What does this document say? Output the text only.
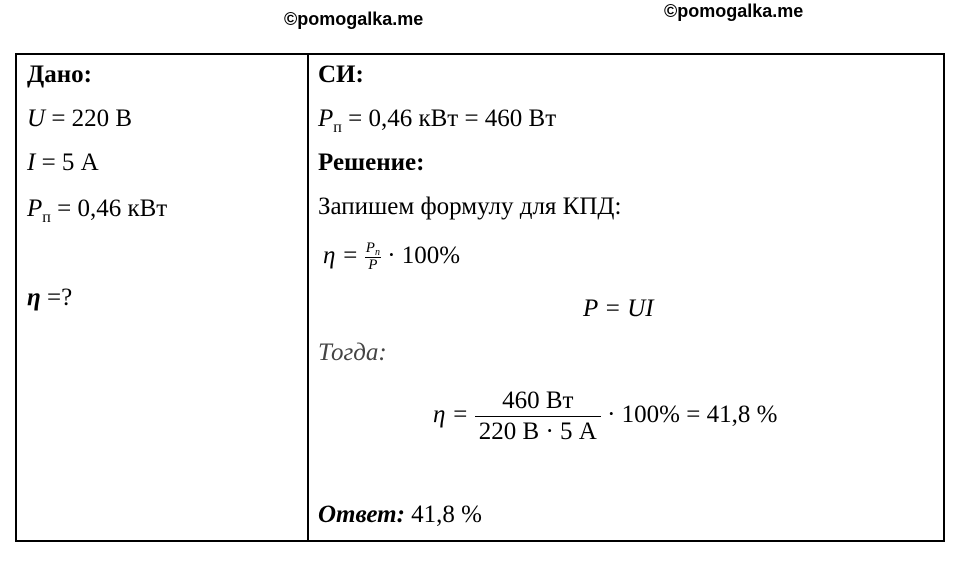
©pomogalka.me	©pomogalka.me
Дано:
U = 220 В
I = 5 А
$P_п = 0,46$ кВт
η =?
СИ:
$P_п = 0,46$ кВт = 460 Вт
Решение:
Запишем формулу для КПД:
$\eta = \frac{P_п}{P} \cdot 100\%$
P = UI
Тогда:
$\eta = \frac{460 Вт}{220 В \cdot 5 А} \cdot 100\% = 41,8$ %
Ответ: 41,8 %
